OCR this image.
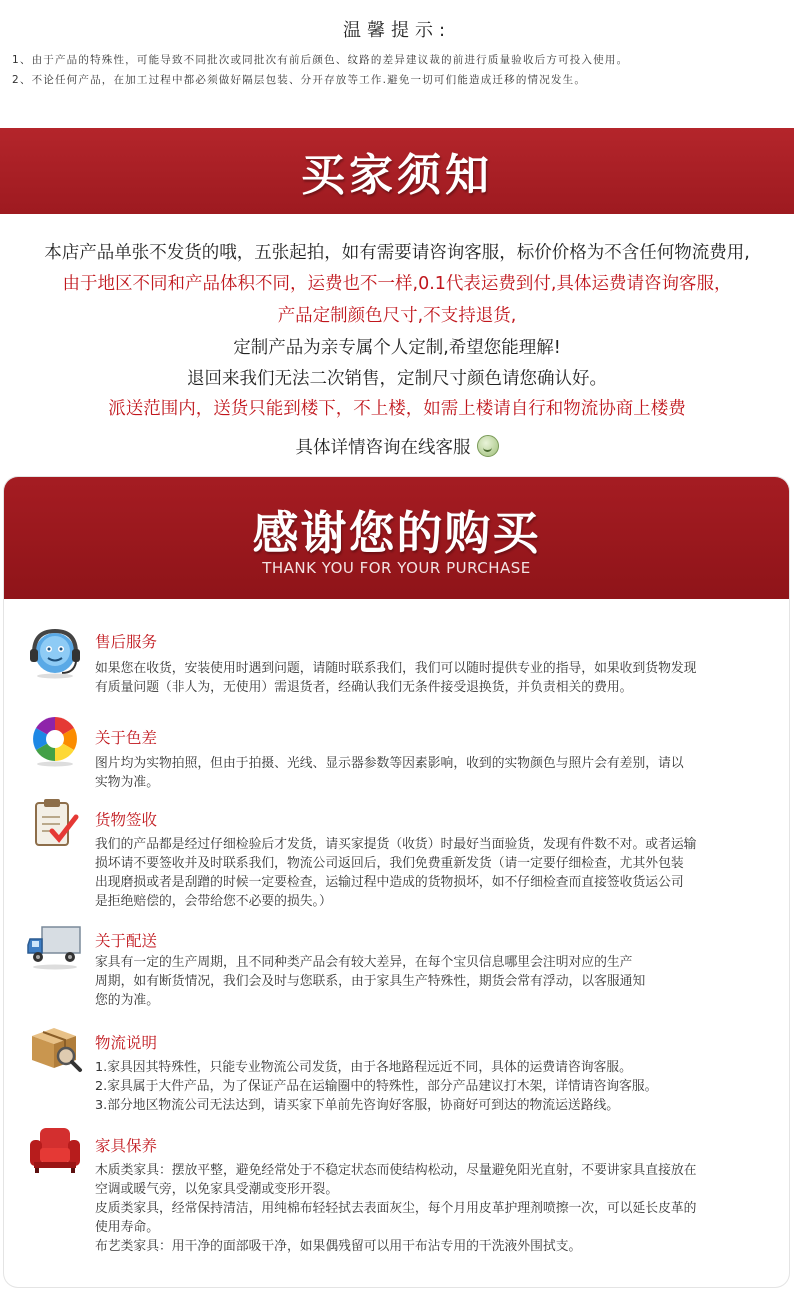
温馨提示:
1、由于产品的特殊性，可能导致不同批次或同批次有前后颜色、纹路的差异建议裁的前进行质量验收后方可投入使用。
2、不论任何产品，在加工过程中都必须做好隔层包装、分开存放等工作.避免一切可们能造成迁移的情况发生。
买家须知
本店产品单张不发货的哦，五张起拍，如有需要请咨询客服，标价价格为不含任何物流费用,
由于地区不同和产品体积不同，运费也不一样,0.1代表运费到付,具体运费请咨询客服，
产品定制颜色尺寸,不支持退货,
定制产品为亲专属个人定制,希望您能理解!
退回来我们无法二次销售，定制尺寸颜色请您确认好。
派送范围内，送货只能到楼下，不上楼，如需上楼请自行和物流协商上楼费
具体详情咨询在线客服
感谢您的购买
THANK YOU FOR YOUR PURCHASE
售后服务
如果您在收货，安装使用时遇到问题，请随时联系我们，我们可以随时提供专业的指导，如果收到货物发现
有质量问题（非人为，无使用）需退货者，经确认我们无条件接受退换货，并负责相关的费用。
关于色差
图片均为实物拍照，但由于拍摄、光线、显示器参数等因素影响，收到的实物颜色与照片会有差别，请以
实物为准。
货物签收
我们的产品都是经过仔细检验后才发货，请买家提货（收货）时最好当面验货，发现有件数不对。或者运输
损坏请不要签收并及时联系我们，物流公司返回后，我们免费重新发货（请一定要仔细检查，尤其外包装
出现磨损或者是刮蹭的时候一定要检查，运输过程中造成的货物损坏，如不仔细检查而直接签收货运公司
是拒绝赔偿的，会带给您不必要的损失。）
关于配送
家具有一定的生产周期，且不同种类产品会有较大差异，在每个宝贝信息哪里会注明对应的生产
周期，如有断货情况，我们会及时与您联系，由于家具生产特殊性，期货会常有浮动，以客服通知
您的为准。
物流说明
1.家具因其特殊性，只能专业物流公司发货，由于各地路程远近不同，具体的运费请咨询客服。
2.家具属于大件产品，为了保证产品在运输圈中的特殊性，部分产品建议打木架，详情请咨询客服。
3.部分地区物流公司无法达到，请买家下单前先咨询好客服，协商好可到达的物流运送路线。
家具保养
木质类家具：摆放平整，避免经常处于不稳定状态而使结构松动，尽量避免阳光直射，不要讲家具直接放在
空调或暖气旁，以免家具受潮或变形开裂。
皮质类家具，经常保持清洁，用纯棉布轻轻拭去表面灰尘，每个月用皮革护理剂喷擦一次，可以延长皮革的
使用寿命。
布艺类家具：用干净的面部吸干净，如果偶残留可以用干布沾专用的干洗液外围拭支。
